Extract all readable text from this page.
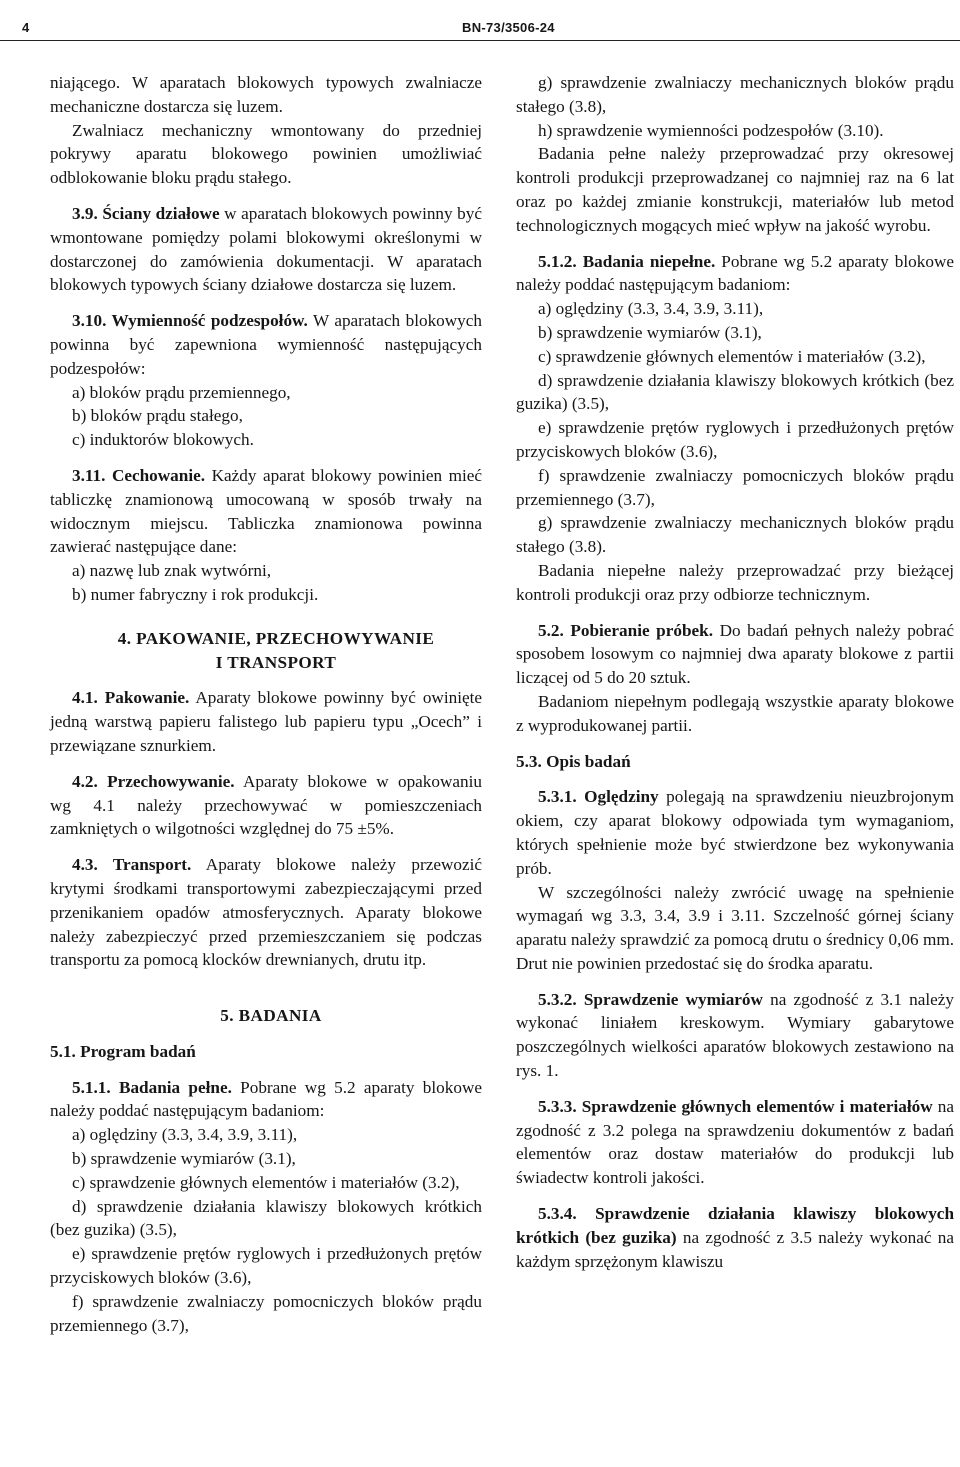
4	BN-73/3506-24

niającego. W aparatach blokowych typowych zwalniacze mechaniczne dostarcza się luzem.

Zwalniacz mechaniczny wmontowany do przedniej pokrywy aparatu blokowego powinien umożliwiać odblokowanie bloku prądu stałego.

3.9. Ściany działowe w aparatach blokowych powinny być wmontowane pomiędzy polami blokowymi określonymi w dostarczonej do zamówienia dokumentacji. W aparatach blokowych typowych ściany działowe dostarcza się luzem.

3.10. Wymienność podzespołów. W aparatach blokowych powinna być zapewniona wymienność następujących podzespołów:

a) bloków prądu przemiennego,

b) bloków prądu stałego,

c) induktorów blokowych.

3.11. Cechowanie. Każdy aparat blokowy powinien mieć tabliczkę znamionową umocowaną w sposób trwały na widocznym miejscu. Tabliczka znamionowa powinna zawierać następujące dane:

a) nazwę lub znak wytwórni,

b) numer fabryczny i rok produkcji.

4. PAKOWANIE, PRZECHOWYWANIE
I TRANSPORT

4.1. Pakowanie. Aparaty blokowe powinny być owinięte jedną warstwą papieru falistego lub papieru typu „Ocech” i przewiązane sznurkiem.

4.2. Przechowywanie. Aparaty blokowe w opakowaniu wg 4.1 należy przechowywać w pomieszczeniach zamkniętych o wilgotności względnej do 75 ±5%.

4.3. Transport. Aparaty blokowe należy przewozić krytymi środkami transportowymi zabezpieczającymi przed przenikaniem opadów atmosferycznych. Aparaty blokowe należy zabezpieczyć przed przemieszczaniem się podczas transportu za pomocą klocków drewnianych, drutu itp.

5. BADANIA

5.1. Program badań

5.1.1. Badania pełne. Pobrane wg 5.2 aparaty blokowe należy poddać następującym badaniom:

a) oględziny (3.3, 3.4, 3.9, 3.11),

b) sprawdzenie wymiarów (3.1),

c) sprawdzenie głównych elementów i materiałów (3.2),

d) sprawdzenie działania klawiszy blokowych krótkich (bez guzika) (3.5),

e) sprawdzenie prętów ryglowych i przedłużonych prętów przyciskowych bloków (3.6),

f) sprawdzenie zwalniaczy pomocniczych bloków prądu przemiennego (3.7),

g) sprawdzenie zwalniaczy mechanicznych bloków prądu stałego (3.8),

h) sprawdzenie wymienności podzespołów (3.10).

Badania pełne należy przeprowadzać przy okresowej kontroli produkcji przeprowadzanej co najmniej raz na 6 lat oraz po każdej zmianie konstrukcji, materiałów lub metod technologicznych mogących mieć wpływ na jakość wyrobu.

5.1.2. Badania niepełne. Pobrane wg 5.2 aparaty blokowe należy poddać następującym badaniom:

a) oględziny (3.3, 3.4, 3.9, 3.11),

b) sprawdzenie wymiarów (3.1),

c) sprawdzenie głównych elementów i materiałów (3.2),

d) sprawdzenie działania klawiszy blokowych krótkich (bez guzika) (3.5),

e) sprawdzenie prętów ryglowych i przedłużonych prętów przyciskowych bloków (3.6),

f) sprawdzenie zwalniaczy pomocniczych bloków prądu przemiennego (3.7),

g) sprawdzenie zwalniaczy mechanicznych bloków prądu stałego (3.8).

Badania niepełne należy przeprowadzać przy bieżącej kontroli produkcji oraz przy odbiorze technicznym.

5.2. Pobieranie próbek. Do badań pełnych należy pobrać sposobem losowym co najmniej dwa aparaty blokowe z partii liczącej od 5 do 20 sztuk.

Badaniom niepełnym podlegają wszystkie aparaty blokowe z wyprodukowanej partii.

5.3. Opis badań

5.3.1. Oględziny polegają na sprawdzeniu nieuzbrojonym okiem, czy aparat blokowy odpowiada tym wymaganiom, których spełnienie może być stwierdzone bez wykonywania prób.

W szczególności należy zwrócić uwagę na spełnienie wymagań wg 3.3, 3.4, 3.9 i 3.11. Szczelność górnej ściany aparatu należy sprawdzić za pomocą drutu o średnicy 0,06 mm. Drut nie powinien przedostać się do środka aparatu.

5.3.2. Sprawdzenie wymiarów na zgodność z 3.1 należy wykonać liniałem kreskowym. Wymiary gabarytowe poszczególnych wielkości aparatów blokowych zestawiono na rys. 1.

5.3.3. Sprawdzenie głównych elementów i materiałów na zgodność z 3.2 polega na sprawdzeniu dokumentów z badań elementów oraz dostaw materiałów do produkcji lub świadectw kontroli jakości.

5.3.4. Sprawdzenie działania klawiszy blokowych krótkich (bez guzika) na zgodność z 3.5 należy wykonać na każdym sprzężonym klawiszu
